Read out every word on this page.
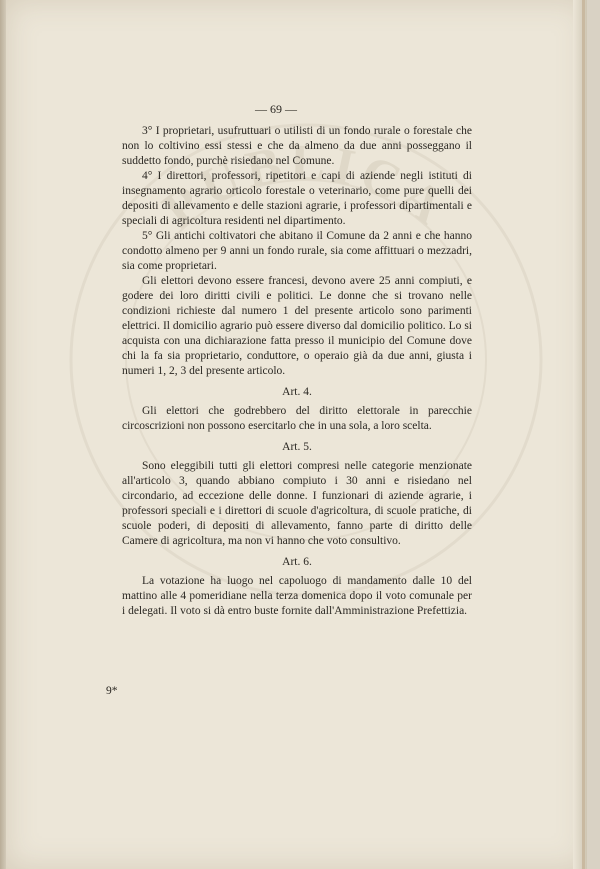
PUBLICA
— 69 —

3° I proprietari, usufruttuari o utilisti di un fondo rurale o forestale che non lo coltivino essi stessi e che da almeno da due anni posseggano il suddetto fondo, purchè risiedano nel Comune.

4° I direttori, professori, ripetitori e capi di aziende negli istituti di insegnamento agrario orticolo forestale o veterinario, come pure quelli dei depositi di allevamento e delle stazioni agrarie, i professori dipartimentali e speciali di agricoltura residenti nel dipartimento.

5° Gli antichi coltivatori che abitano il Comune da 2 anni e che hanno condotto almeno per 9 anni un fondo rurale, sia come affittuari o mezzadri, sia come proprietari.

Gli elettori devono essere francesi, devono avere 25 anni compiuti, e godere dei loro diritti civili e politici. Le donne che si trovano nelle condizioni richieste dal numero 1 del presente articolo sono parimenti elettrici. Il domicilio agrario può essere diverso dal domicilio politico. Lo si acquista con una dichiarazione fatta presso il municipio del Comune dove chi la fa sia proprietario, conduttore, o operaio già da due anni, giusta i numeri 1, 2, 3 del presente articolo.

Art. 4.

Gli elettori che godrebbero del diritto elettorale in parecchie circoscrizioni non possono esercitarlo che in una sola, a loro scelta.

Art. 5.

Sono eleggibili tutti gli elettori compresi nelle categorie menzionate all'articolo 3, quando abbiano compiuto i 30 anni e risiedano nel circondario, ad eccezione delle donne. I funzionari di aziende agrarie, i professori speciali e i direttori di scuole d'agricoltura, di scuole pratiche, di scuole poderi, di depositi di allevamento, fanno parte di diritto delle Camere di agricoltura, ma non vi hanno che voto consultivo.

Art. 6.

La votazione ha luogo nel capoluogo di mandamento dalle 10 del mattino alle 4 pomeridiane nella terza domenica dopo il voto comunale per i delegati. Il voto si dà entro buste fornite dall'Amministrazione Prefettizia.

9*
